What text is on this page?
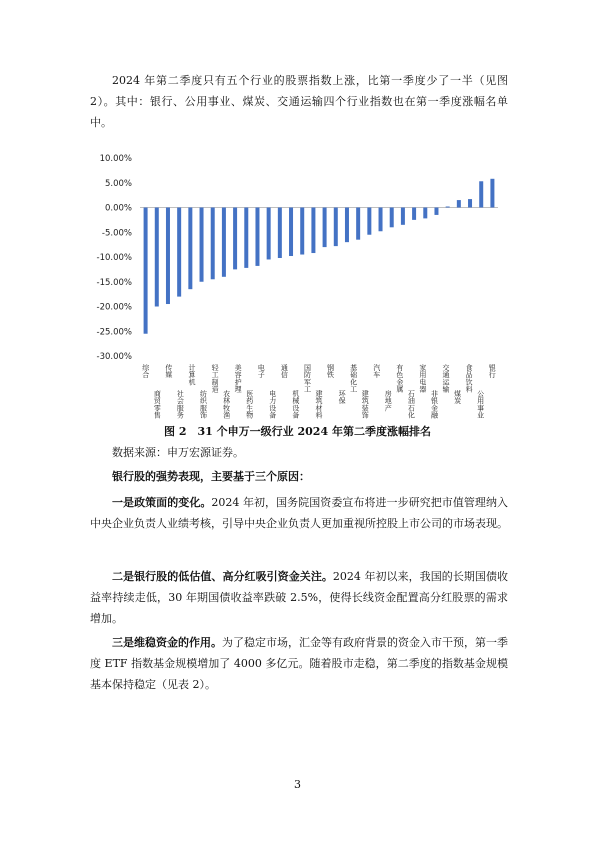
2024 年第二季度只有五个行业的股票指数上涨，比第一季度少了一半（见图 2）。其中：银行、公用事业、煤炭、交通运输四个行业指数也在第一季度涨幅名单中。

-30.00%
-25.00%
-20.00%
-15.00%
-10.00%
-5.00%
0.00%
5.00%
10.00%
综合
商贸零售
传媒
社会服务
计算机
纺织服饰
轻工制造
农林牧渔
美容护理
医药生物
电子
电力设备
通信
机械设备
国防军工
建筑材料
钢铁
环保
基础化工
建筑装饰
汽车
房地产
有色金属
石油石化
家用电器
非银金融
交通运输
煤炭
食品饮料
公用事业
银行

图 2　31 个申万一级行业 2024 年第二季度涨幅排名

数据来源：申万宏源证券。

银行股的强势表现，主要基于三个原因：

一是政策面的变化。2024 年初，国务院国资委宣布将进一步研究把市值管理纳入中央企业负责人业绩考核，引导中央企业负责人更加重视所控股上市公司的市场表现。

二是银行股的低估值、高分红吸引资金关注。2024 年初以来，我国的长期国债收益率持续走低，30 年期国债收益率跌破 2.5%，使得长线资金配置高分红股票的需求增加。

三是维稳资金的作用。为了稳定市场，汇金等有政府背景的资金入市干预，第一季度 ETF 指数基金规模增加了 4000 多亿元。随着股市走稳，第二季度的指数基金规模基本保持稳定（见表 2）。

3
